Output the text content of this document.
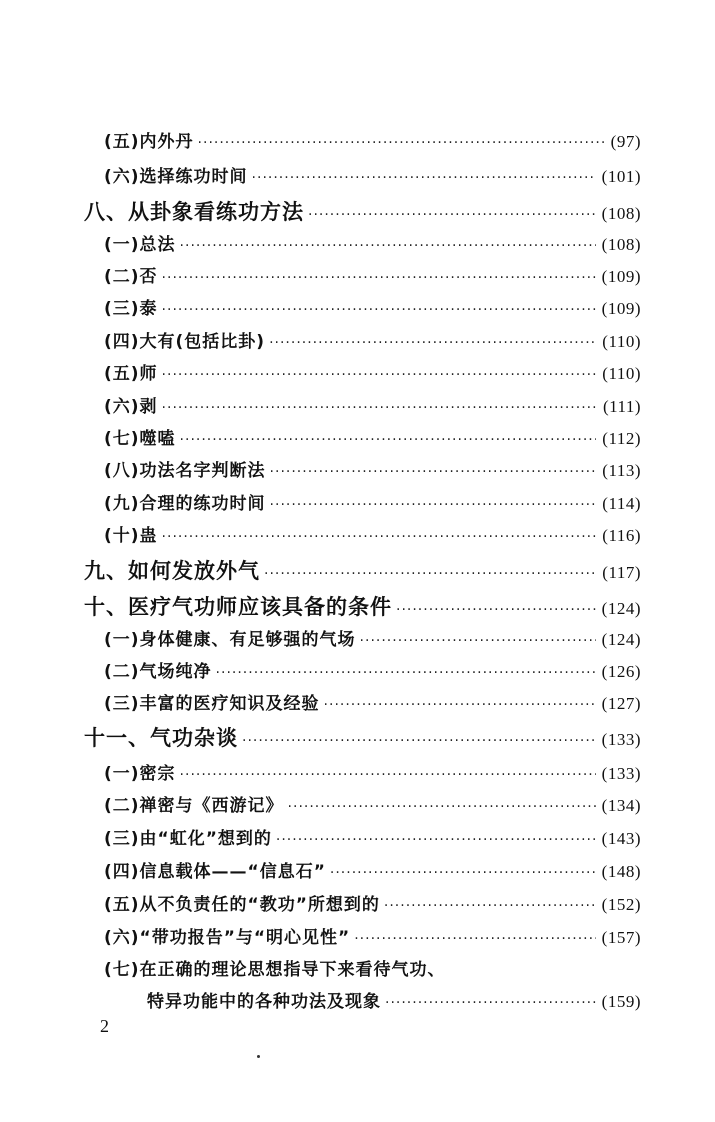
(五)内外丹 ·····	(97)
(六)选择练功时间 ·····	(101)
八、从卦象看练功方法 ·····	(108)
(一)总法 ·····	(108)
(二)否 ·····	(109)
(三)泰 ·····	(109)
(四)大有(包括比卦) ·····	(110)
(五)师 ·····	(110)
(六)剥 ·····	(111)
(七)噬嗑 ·····	(112)
(八)功法名字判断法 ·····	(113)
(九)合理的练功时间 ·····	(114)
(十)蛊 ·····	(116)
九、如何发放外气 ·····	(117)
十、医疗气功师应该具备的条件 ·····	(124)
(一)身体健康、有足够强的气场 ·····	(124)
(二)气场纯净 ·····	(126)
(三)丰富的医疗知识及经验 ·····	(127)
十一、气功杂谈 ·····	(133)
(一)密宗 ·····	(133)
(二)禅密与《西游记》 ·····	(134)
(三)由“虹化”想到的 ·····	(143)
(四)信息载体——“信息石” ·····	(148)
(五)从不负责任的“教功”所想到的 ·····	(152)
(六)“带功报告”与“明心见性” ·····	(157)
(七)在正确的理论思想指导下来看待气功、
特异功能中的各种功法及现象 ·····	(159)
2
